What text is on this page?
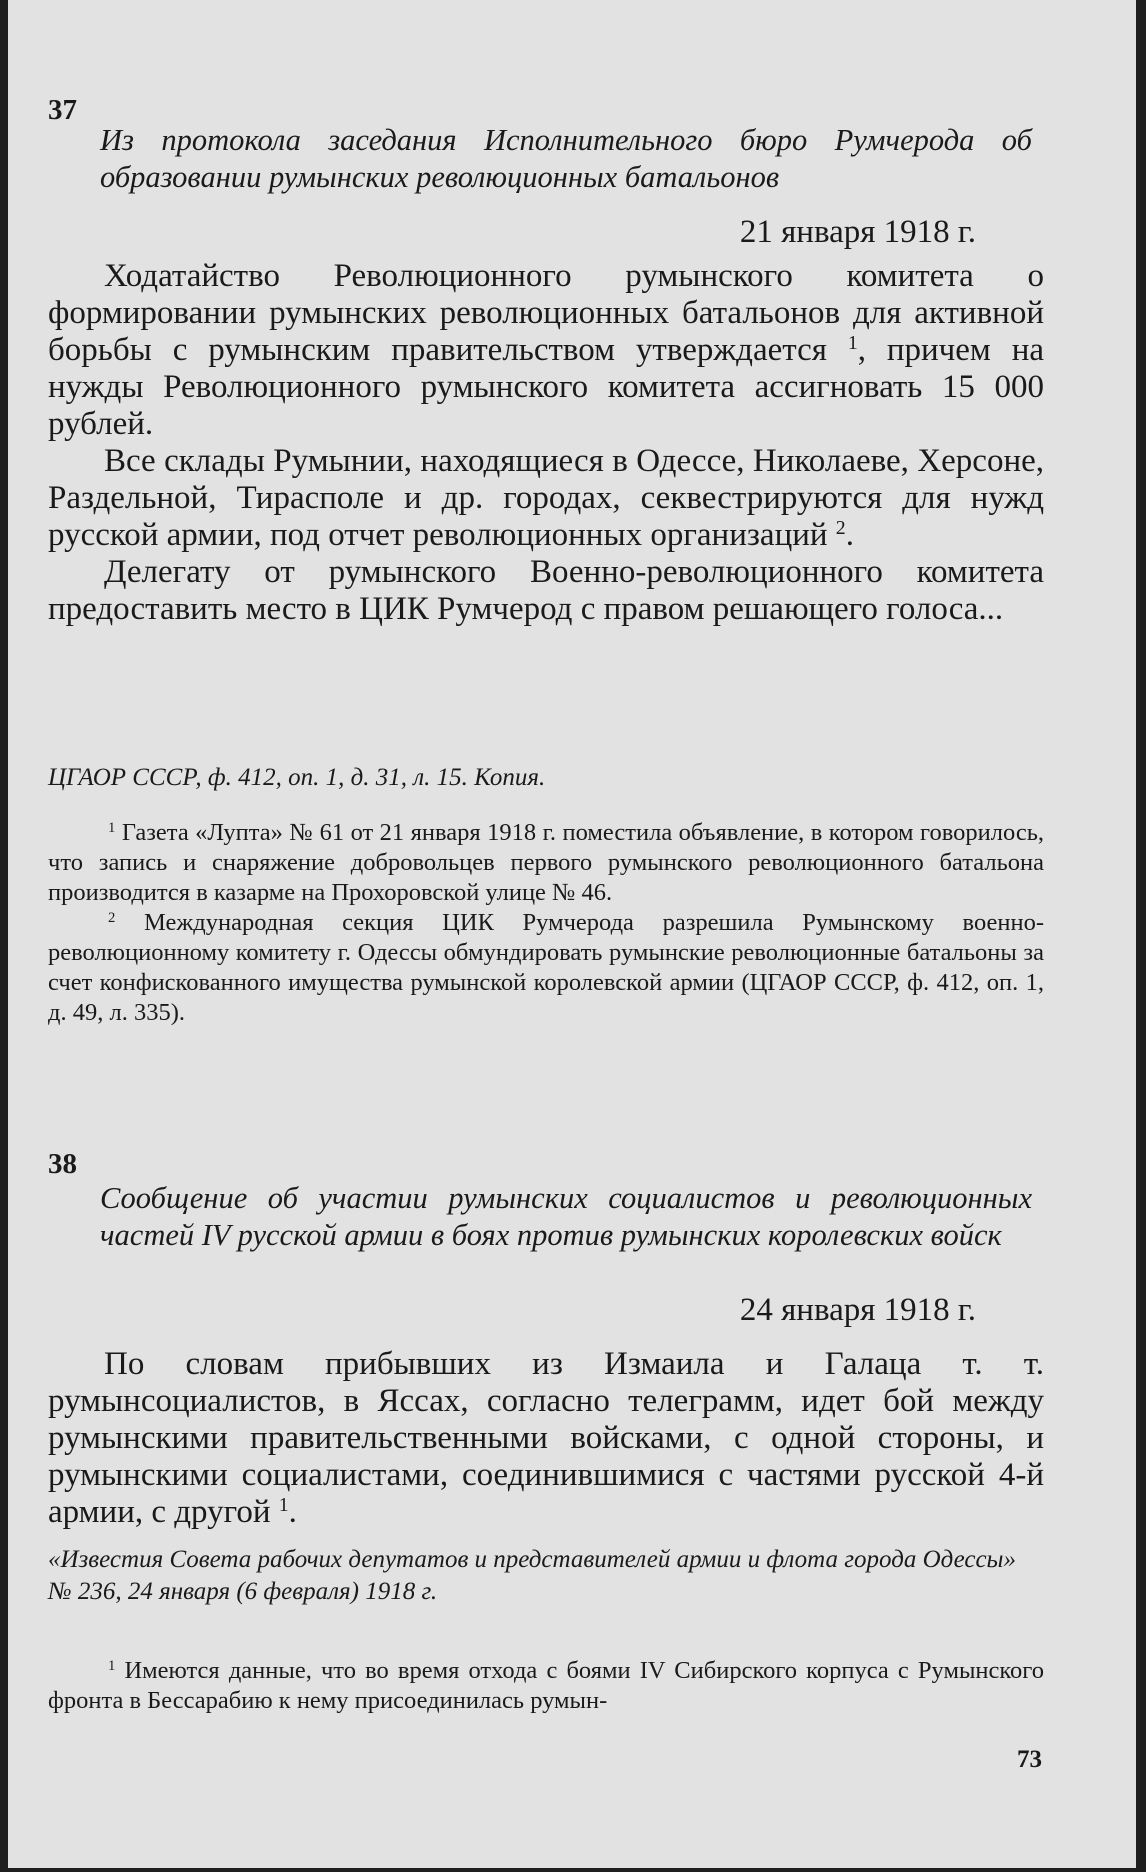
37

Из протокола заседания Исполнительного бюро Румчерода об образовании румынских революционных батальонов

21 января 1918 г.

Ходатайство Революционного румынского комитета о формировании румынских революционных батальонов для активной борьбы с румынским правительством утверждается $^1$, причем на нужды Революционного румынского комитета ассигновать 15 000 рублей.

Все склады Румынии, находящиеся в Одессе, Николаеве, Херсоне, Раздельной, Тирасполе и др. городах, секвестрируются для нужд русской армии, под отчет революционных организаций $^2$.

Делегату от румынского Военно-революционного комитета предоставить место в ЦИК Румчерод с правом решающего голоса...

ЦГАОР СССР, ф. 412, оп. 1, д. 31, л. 15. Копия.

$^1$ Газета «Лупта» № 61 от 21 января 1918 г. поместила объявление, в котором говорилось, что запись и снаряжение добровольцев первого румынского революционного батальона производится в казарме на Прохоровской улице № 46.

$^2$ Международная секция ЦИК Румчерода разрешила Румынскому военно-революционному комитету г. Одессы обмундировать румынские революционные батальоны за счет конфискованного имущества румынской королевской армии (ЦГАОР СССР, ф. 412, оп. 1, д. 49, л. 335).

38

Сообщение об участии румынских социалистов и революционных частей IV русской армии в боях против румынских королевских войск

24 января 1918 г.

По словам прибывших из Измаила и Галаца т. т. румынсоциалистов, в Яссах, согласно телеграмм, идет бой между румынскими правительственными войсками, с одной стороны, и румынскими социалистами, соединившимися с частями русской 4-й армии, с другой $^1$.

«Известия Совета рабочих депутатов и представителей армии и флота города Одессы» № 236, 24 января (6 февраля) 1918 г.

$^1$ Имеются данные, что во время отхода с боями IV Сибирского корпуса с Румынского фронта в Бессарабию к нему присоединилась румын-

73
